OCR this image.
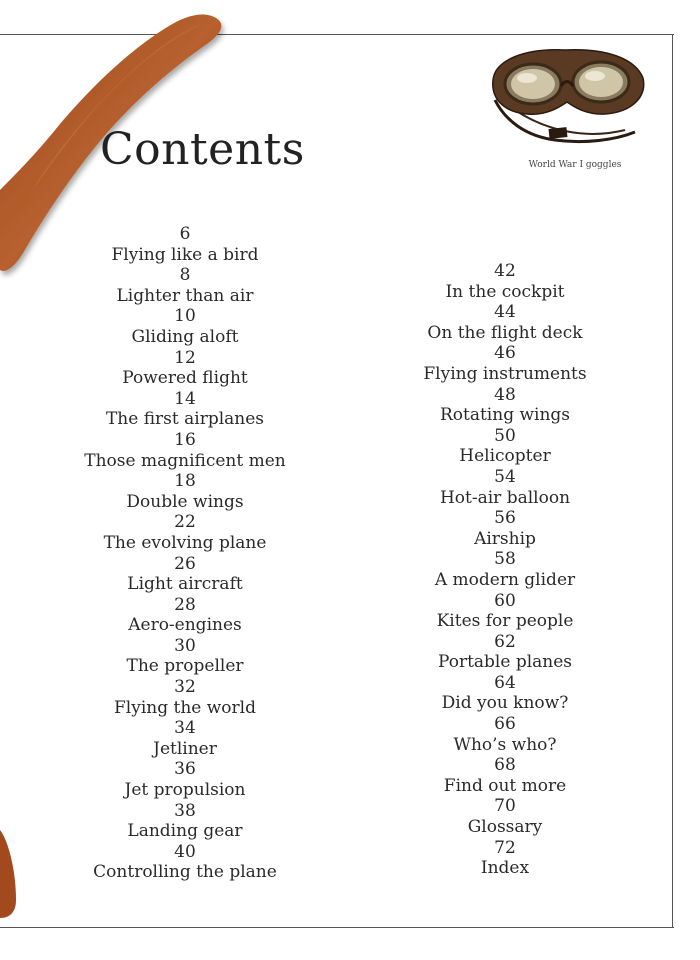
Contents	World War I goggles
6
Flying like a bird
8
Lighter than air
10
Gliding aloft
12
Powered flight
14
The first airplanes
16
Those magnificent men
18
Double wings
22
The evolving plane
26
Light aircraft
28
Aero-engines
30
The propeller
32
Flying the world
34
Jetliner
36
Jet propulsion
38
Landing gear
40
Controlling the plane
42
In the cockpit
44
On the flight deck
46
Flying instruments
48
Rotating wings
50
Helicopter
54
Hot-air balloon
56
Airship
58
A modern glider
60
Kites for people
62
Portable planes
64
Did you know?
66
Who’s who?
68
Find out more
70
Glossary
72
Index
